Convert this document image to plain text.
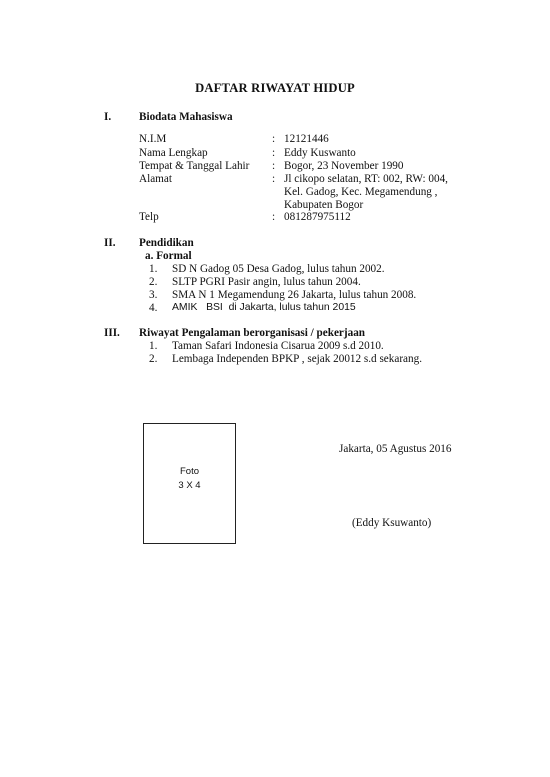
DAFTAR RIWAYAT HIDUP
I. Biodata Mahasiswa
N.I.M	: 12121446
Nama Lengkap	: Eddy Kuswanto
Tempat & Tanggal Lahir : Bogor, 23 November 1990
Alamat	: Jl cikopo selatan, RT: 002, RW: 004,
Kel. Gadog, Kec. Megamendung ,
Kabupaten Bogor
Telp	: 081287975112
II. Pendidikan
a. Formal
1. SD N Gadog 05 Desa Gadog, lulus tahun 2002.
2. SLTP PGRI Pasir angin, lulus tahun 2004.
3. SMA N 1 Megamendung 26 Jakarta, lulus tahun 2008.
4. AMIK   BSI  di Jakarta, lulus tahun 2015
III. Riwayat Pengalaman berorganisasi / pekerjaan
1. Taman Safari Indonesia Cisarua 2009 s.d 2010.
2. Lembaga Independen BPKP , sejak 20012 s.d sekarang.
Foto
3 X 4
Jakarta, 05 Agustus 2016
(Eddy Ksuwanto)
